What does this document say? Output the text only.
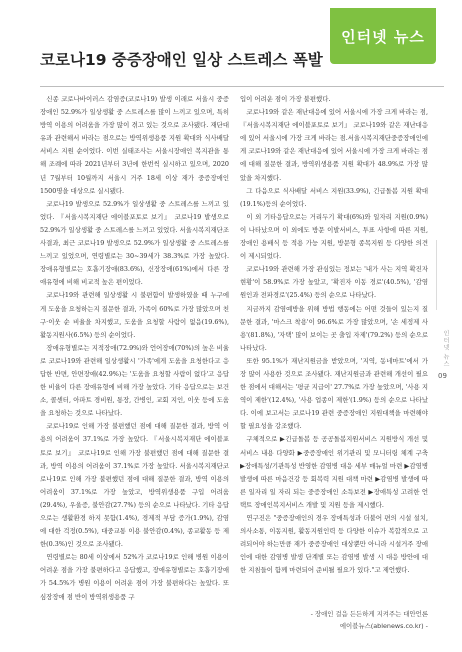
인터넷 뉴스
코로나19 중증장애인 일상 스트레스 폭발

신종 코로나바이러스 감염증(코로나19) 발생 이래로 서울시 중증장애인 52.9%가 일상생활 중 스트레스를 많이 느끼고 있으며, 특히 방역 이용의 어려움을 가장 많이 겪고 있는 것으로 조사됐다. 재단대유과 관련해서 바라는 점으로는 방역위생용품 지원 확대와 식사배달 서비스 지원 순이었다. 이번 실태조사는 서울시장애인 복지관을 통해 조례에 따라 2021년부터 3년에 한번씩 실시하고 있으며, 2020년 7월부터 10월까지 서울시 거주 18세 이상 재가 중증장애인 1500명을 대상으로 실시됐다.

코로나19 발생으로 52.9%가 일상생활 중 스트레스를 느끼고 있었다. 『서울시복지재단 에이블포토로 보기』 코로나19 발생으로 52.9%가 일상생활 중 스트레스를 느끼고 있었다. 서울시복지재단조사결과, 최근 코로나19 발생으로 52.9%가 일상생활 중 스트레스를 느끼고 있었으며, 연령별로는 30~39세가 38.3%로 가장 높았다. 장애유형별로는 호흡기장애(83.6%), 신장장애(61%)에서 다른 장애유형에 비해 비교적 높은 편이었다.

코로나19와 관련해 일상생활 시 불편함이 발생하였을 때 누구에게 도움을 요청하는지 질문한 결과, 가족이 60%로 가장 많았으며 친구·이웃 순 비율을 차지했고, 도움을 요청할 사람이 없음(19.6%), 활동지원사(6.5%) 등의 순이었다.

장애유형별로는 지적장애(72.9%)와 언어장애(70%)의 높은 비율로 코로나19와 관련해 일상생활시 '가족'에게 도움을 요청한다고 응답한 반면, 안면장애(42.9%)는 '도움을 요청할 사람이 없다'고 응답한 비율이 다른 장애유형에 비해 가장 높았다. 기타 응답으로는 보건소, 콜센터, 아파트 경비원, 통장, 간병인, 교회 지인, 이웃 등에 도움을 요청하는 것으로 나타났다.

코로나19로 인해 가장 불편했던 점에 대해 질문한 결과, 방역 이용의 어려움이 37.1%로 가장 높았다. 『서울시복지재단 에이블포토로 보기』 코로나19로 인해 가장 불편했던 점에 대해 질문한 결과, 방역 이용의 어려움이 37.1%로 가장 높았다. 서울시복지재단코로나19로 인해 가장 불편했던 점에 대해 질문한 결과, 방역 이용의 어려움이 37.1%로 가장 높았고, 방역위생용품 구입 어려움(29.4%), 우울증, 불안감(27.7%) 등의 순으로 나타났다. 기타 응답으로는 생활환경 하지 못함(1.4%), 경제적 부담 증가(1.9%), 감염에 대한 걱정(0.5%), 대중교통 이용 불안감(0.4%), 종교활동 등 제한(0.3%)인 것으로 조사됐다.

연령별로는 80세 이상에서 52%가 코로나19로 인해 병원 이용이 어려운 점을 가장 불편하다고 응답했고, 장애유형별로는 호흡기장애가 54.5%가 병원 이용이 어려운 점이 가장 불편하다는 높았다. 또 심장장애 점 반이 방역위생용품 구

입이 어려운 점이 가장 불편했다.

코로나19와 같은 재난대응에 있어 서울시에 가장 크게 바라는 점, 『서울시복지재단 에이블포토로 보기』 코로나19와 같은 재난대응에 있어 서울시에 가장 크게 바라는 점.서울시복지재단중증장애인에게 코로나19와 같은 재난대응에 있어 서울시에 가장 크게 바라는 점에 대해 질문한 결과, 방역위생용품 지원 확대가 48.9%로 가장 많았을 차지했다.

그 다음으로 식사배달 서비스 지원(33.9%), 긴급돌봄 지원 확대(19.1%)등의 순이었다.

이 외 기타응답으로는 거리두기 확대(6%)와 일자리 지원(0.9%)이 나타났으며 이 외에도 방문 이발서비스, 투표 사항에 따른 지원, 장애인 용배식 등 적용 가능 지원, 방문형 종목지원 등 다양한 의견이 제시되었다.

코로나19와 관련해 가장 관심있는 정보는 '내가 사는 지역 확진자 현황'이 58.9%로 가장 높았고, '확진자 이동 경로'(40.5%), '감염원인과 전파경로'(25.4%) 등의 순으로 나타났다.

지금까지 감염예방을 위해 방법 행동에는 어떤 것들이 있는지 질문한 결과, '마스크 착용'이 96.6%로 가장 많았으며, '손 세정제 사용'(81.8%), '자택' 많이 보이는 곳 출입 자제'(79.2%) 등의 순으로 나타났다.

또한 95.1%가 재난지원금을 받았으며, '지역, 동네마트'에서 가장 많이 사용한 것으로 조사됐다. 재난지원금과 관련해 개선이 필요한 점에서 대해서는 '평균 지급이' 27.7%로 가장 높았으며, '사용 지역이 제한'(12.4%), '사용 업종이 제한'(1.9%) 등의 순으로 나타났다. 이에 보고서는 코로나19 관련 중증장애인 지원대책을 마련해야 할 필요성을 강조했다.

구체적으로 ▶긴급돌봄 등 공공돌봄지원서비스 지원방식 개선 및 서비스 내용 다양화 ▶중증장애인 위기관리 및 모니터링 체계 구축 ▶장애특성/기관특성 반영한 감염병 대응 세부 매뉴얼 마련 ▶감염병 발생에 따른 마음건강 등 회복력 지원 대책 마련 ▶감염병 발생에 따른 일자리 일 자리 되는 중증장애인 소득보전 ▶장애특성 고려한 언택트 장애인복지서비스 개발 및 지원 등을 제시했다.

연구진은 "중증장애인의 경우 장애특성과 더불어 편의 시설 설치, 의사소통, 이동지원, 활동지원인력 등 다양한 이슈가 복합적으로 고려되어야 하는만큼 재가 중증장애인 대상뿐만 아니라 시설거주 장애인에 대한 감염병 발생 단계별 또는 감염병 발생 시 대응 방안에 대한 지침들이 함께 마련되어 준비될 필요가 있다."고 제언했다.

인터넷 뉴스
09
- 장애인 걸음 든든하게 지켜주는 대안언론
에이블뉴스(ablenews.co.kr) -
